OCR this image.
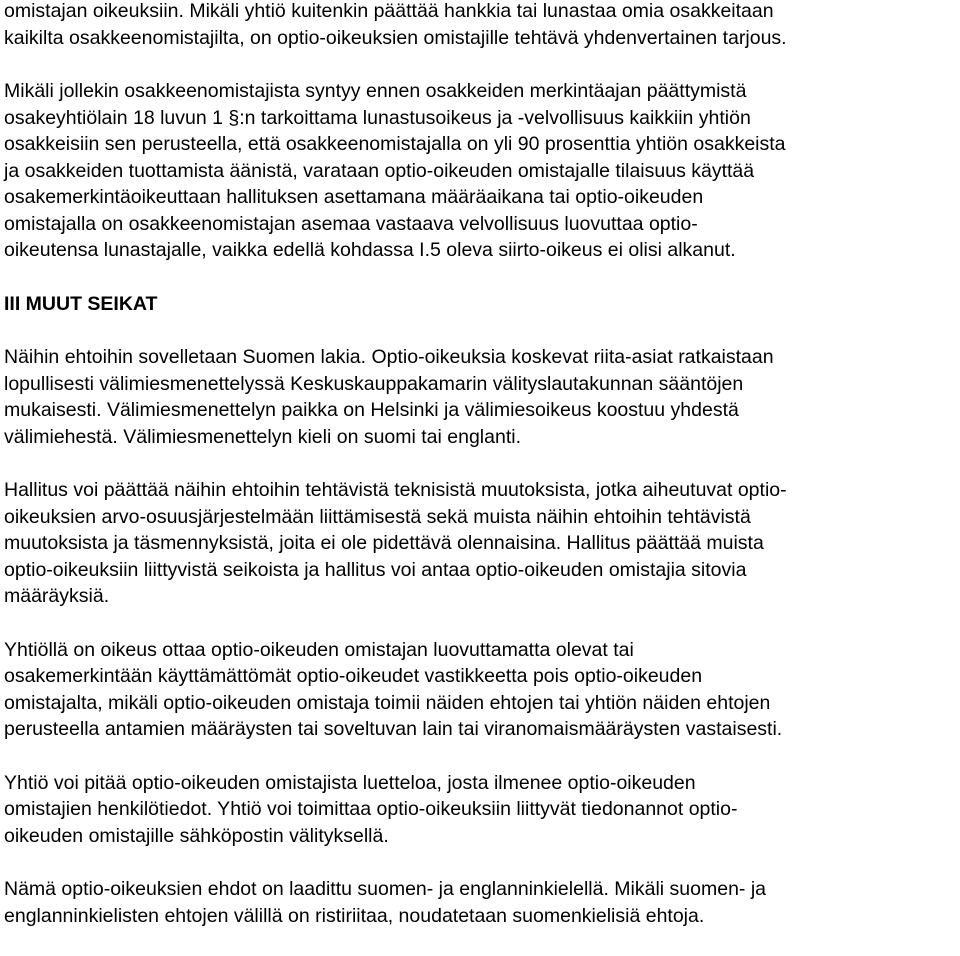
omistajan oikeuksiin. Mikäli yhtiö kuitenkin päättää hankkia tai lunastaa omia osakkeitaan

kaikilta osakkeenomistajilta, on optio-oikeuksien omistajille tehtävä yhdenvertainen tarjous.

Mikäli jollekin osakkeenomistajista syntyy ennen osakkeiden merkintäajan päättymistä

osakeyhtiölain 18 luvun 1 §:n tarkoittama lunastusoikeus ja -velvollisuus kaikkiin yhtiön

osakkeisiin sen perusteella, että osakkeenomistajalla on yli 90 prosenttia yhtiön osakkeista

ja osakkeiden tuottamista äänistä, varataan optio-oikeuden omistajalle tilaisuus käyttää

osakemerkintäoikeuttaan hallituksen asettamana määräaikana tai optio-oikeuden

omistajalla on osakkeenomistajan asemaa vastaava velvollisuus luovuttaa optio-

oikeutensa lunastajalle, vaikka edellä kohdassa I.5 oleva siirto-oikeus ei olisi alkanut.

III MUUT SEIKAT

Näihin ehtoihin sovelletaan Suomen lakia. Optio-oikeuksia koskevat riita-asiat ratkaistaan

lopullisesti välimiesmenettelyssä Keskuskauppakamarin välityslautakunnan sääntöjen

mukaisesti. Välimiesmenettelyn paikka on Helsinki ja välimiesoikeus koostuu yhdestä

välimiehestä. Välimiesmenettelyn kieli on suomi tai englanti.

Hallitus voi päättää näihin ehtoihin tehtävistä teknisistä muutoksista, jotka aiheutuvat optio-

oikeuksien arvo-osuusjärjestelmään liittämisestä sekä muista näihin ehtoihin tehtävistä

muutoksista ja täsmennyksistä, joita ei ole pidettävä olennaisina. Hallitus päättää muista

optio-oikeuksiin liittyvistä seikoista ja hallitus voi antaa optio-oikeuden omistajia sitovia

määräyksiä.

Yhtiöllä on oikeus ottaa optio-oikeuden omistajan luovuttamatta olevat tai

osakemerkintään käyttämättömät optio-oikeudet vastikkeetta pois optio-oikeuden

omistajalta, mikäli optio-oikeuden omistaja toimii näiden ehtojen tai yhtiön näiden ehtojen

perusteella antamien määräysten tai soveltuvan lain tai viranomaismääräysten vastaisesti.

Yhtiö voi pitää optio-oikeuden omistajista luetteloa, josta ilmenee optio-oikeuden

omistajien henkilötiedot. Yhtiö voi toimittaa optio-oikeuksiin liittyvät tiedonannot optio-

oikeuden omistajille sähköpostin välityksellä.

Nämä optio-oikeuksien ehdot on laadittu suomen- ja englanninkielellä. Mikäli suomen- ja

englanninkielisten ehtojen välillä on ristiriitaa, noudatetaan suomenkielisiä ehtoja.
